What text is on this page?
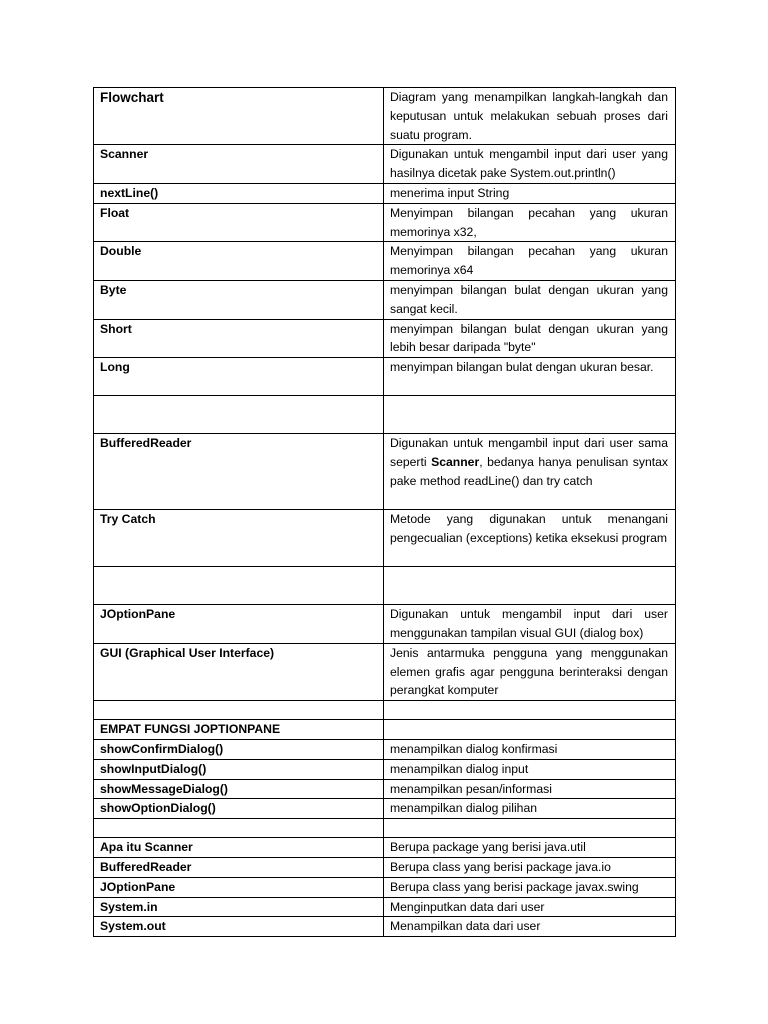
Flowchart	Diagram yang menampilkan langkah-langkah dan keputusan untuk melakukan sebuah proses dari suatu program.
Scanner	Digunakan untuk mengambil input dari user yang hasilnya dicetak pake System.out.println()
nextLine()	menerima input String
Float	Menyimpan bilangan pecahan yang ukuran memorinya x32,
Double	Menyimpan bilangan pecahan yang ukuran memorinya x64
Byte	menyimpan bilangan bulat dengan ukuran yang sangat kecil.
Short	menyimpan bilangan bulat dengan ukuran yang lebih besar daripada "byte"
Long	menyimpan bilangan bulat dengan ukuran besar.

BufferedReader	Digunakan untuk mengambil input dari user sama seperti Scanner, bedanya hanya penulisan syntax pake method readLine() dan try catch
Try Catch	Metode yang digunakan untuk menangani pengecualian (exceptions) ketika eksekusi program

JOptionPane	Digunakan untuk mengambil input dari user menggunakan tampilan visual GUI (dialog box)
GUI (Graphical User Interface)	Jenis antarmuka pengguna yang menggunakan elemen grafis agar pengguna berinteraksi dengan perangkat komputer

EMPAT FUNGSI JOPTIONPANE	
showConfirmDialog()	menampilkan dialog konfirmasi
showInputDialog()	menampilkan dialog input
showMessageDialog()	menampilkan pesan/informasi
showOptionDialog()	menampilkan dialog pilihan

Apa itu Scanner	Berupa package yang berisi java.util
BufferedReader	Berupa class yang berisi package java.io
JOptionPane	Berupa class yang berisi package javax.swing
System.in	Menginputkan data dari user
System.out	Menampilkan data dari user
